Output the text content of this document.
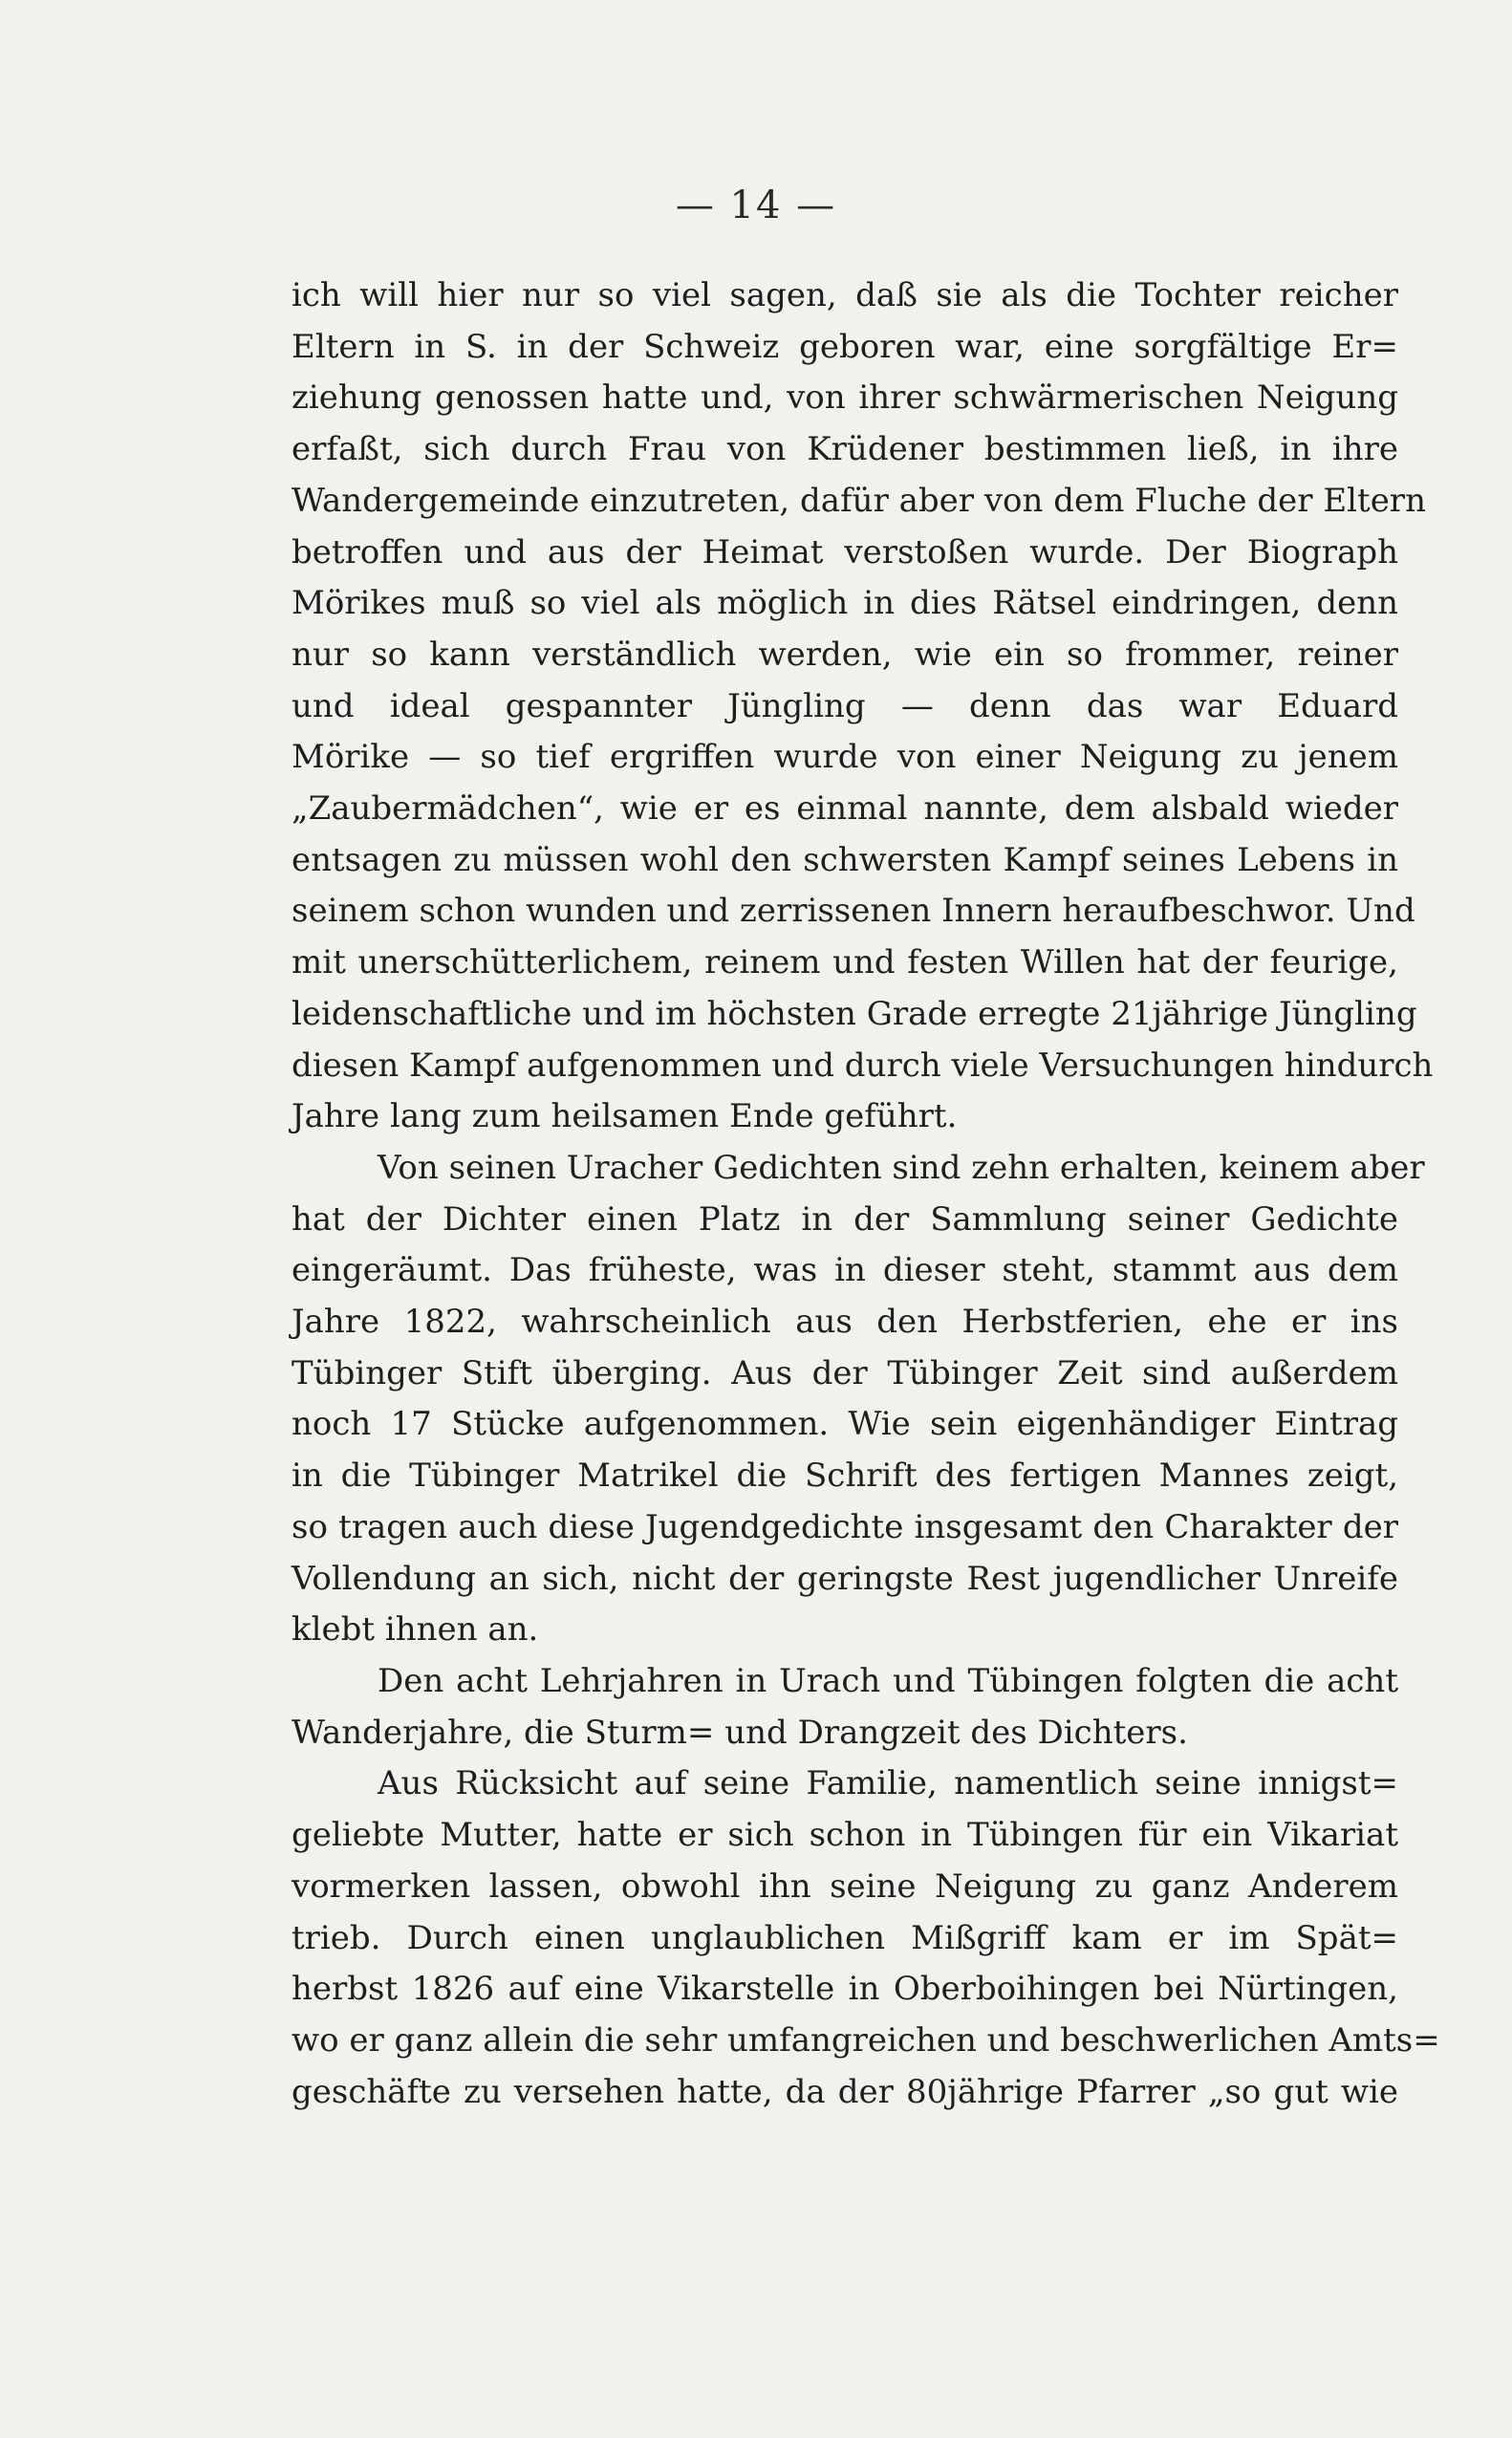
— 14 —

ich will hier nur so viel sagen, daß sie als die Tochter reicher
Eltern in S. in der Schweiz geboren war, eine sorgfältige Er=
ziehung genossen hatte und, von ihrer schwärmerischen Neigung
erfaßt, sich durch Frau von Krüdener bestimmen ließ, in ihre
Wandergemeinde einzutreten, dafür aber von dem Fluche der Eltern
betroffen und aus der Heimat verstoßen wurde. Der Biograph
Mörikes muß so viel als möglich in dies Rätsel eindringen, denn
nur so kann verständlich werden, wie ein so frommer, reiner
und ideal gespannter Jüngling — denn das war Eduard
Mörike — so tief ergriffen wurde von einer Neigung zu jenem
„Zaubermädchen“, wie er es einmal nannte, dem alsbald wieder
entsagen zu müssen wohl den schwersten Kampf seines Lebens in
seinem schon wunden und zerrissenen Innern heraufbeschwor. Und
mit unerschütterlichem, reinem und festen Willen hat der feurige,
leidenschaftliche und im höchsten Grade erregte 21jährige Jüngling
diesen Kampf aufgenommen und durch viele Versuchungen hindurch
Jahre lang zum heilsamen Ende geführt.

Von seinen Uracher Gedichten sind zehn erhalten, keinem aber
hat der Dichter einen Platz in der Sammlung seiner Gedichte
eingeräumt. Das früheste, was in dieser steht, stammt aus dem
Jahre 1822, wahrscheinlich aus den Herbstferien, ehe er ins
Tübinger Stift überging. Aus der Tübinger Zeit sind außerdem
noch 17 Stücke aufgenommen. Wie sein eigenhändiger Eintrag
in die Tübinger Matrikel die Schrift des fertigen Mannes zeigt,
so tragen auch diese Jugendgedichte insgesamt den Charakter der
Vollendung an sich, nicht der geringste Rest jugendlicher Unreife
klebt ihnen an.

Den acht Lehrjahren in Urach und Tübingen folgten die acht
Wanderjahre, die Sturm= und Drangzeit des Dichters.

Aus Rücksicht auf seine Familie, namentlich seine innigst=
geliebte Mutter, hatte er sich schon in Tübingen für ein Vikariat
vormerken lassen, obwohl ihn seine Neigung zu ganz Anderem
trieb. Durch einen unglaublichen Mißgriff kam er im Spät=
herbst 1826 auf eine Vikarstelle in Oberboihingen bei Nürtingen,
wo er ganz allein die sehr umfangreichen und beschwerlichen Amts=
geschäfte zu versehen hatte, da der 80jährige Pfarrer „so gut wie
